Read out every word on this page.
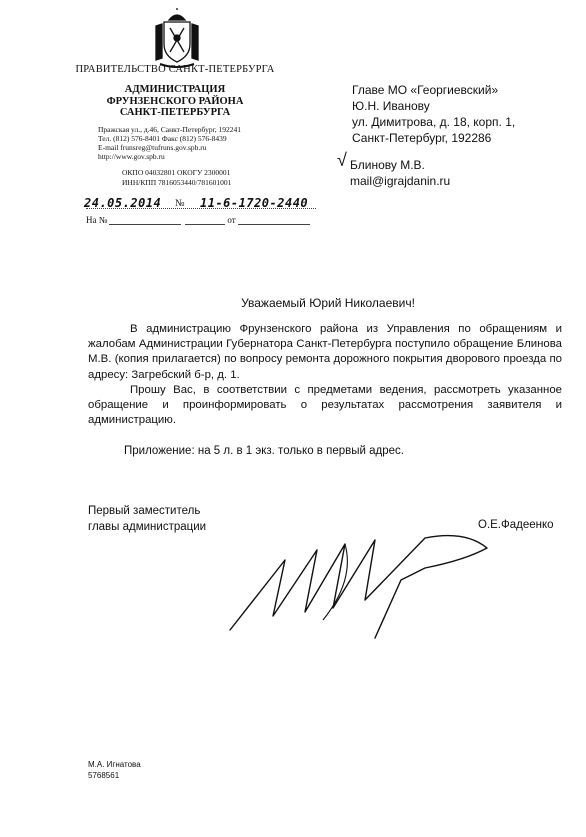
ПРАВИТЕЛЬСТВО САНКТ-ПЕТЕРБУРГА
АДМИНИСТРАЦИЯ
ФРУНЗЕНСКОГО РАЙОНА
САНКТ-ПЕТЕРБУРГА
Пражская ул., д.46, Санкт-Петербург, 192241
Тел. (812) 576-8401 Факс (812) 576-8439
E-mail frunsreg@tufruns.gov.spb.ru
http://www.gov.spb.ru
ОКПО 04032801 ОКОГУ 2300001
ИНН/КПП 7816053440/781601001
24.05.2014 № 11-6-1720-2440
На №	от
Главе МО «Георгиевский»
Ю.Н. Иванову
ул. Димитрова, д. 18, корп. 1,
Санкт-Петербург, 192286
√ Блинову М.В.
mail@igrajdanin.ru
Уважаемый Юрий Николаевич!

В администрацию Фрунзенского района из Управления по обращениям и жалобам Администрации Губернатора Санкт-Петербурга поступило обращение Блинова М.В. (копия прилагается) по вопросу ремонта дорожного покрытия дворового проезда по адресу: Загребский б-р, д. 1.

Прошу Вас, в соответствии с предметами ведения, рассмотреть указанное обращение и проинформировать о результатах рассмотрения заявителя и администрацию.

Приложение: на 5 л. в 1 экз. только в первый адрес.
Первый заместитель
главы администрации	О.Е.Фадеенко
М.А. Игнатова
5768561
